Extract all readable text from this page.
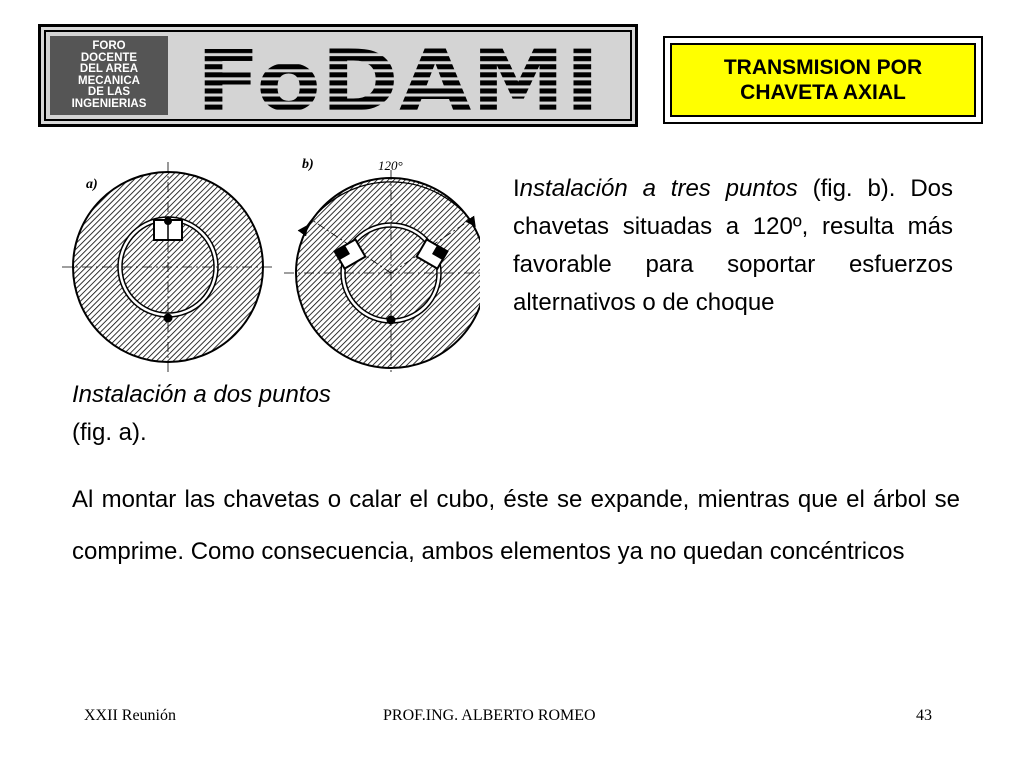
FORO
DOCENTE
DEL AREA
MECANICA
DE LAS
INGENIERIAS FoDAMI	TRANSMISION POR
CHAVETA AXIAL
a)
b)	120°
Instalación a tres puntos (fig. b). Dos chavetas situadas a 120º, resulta más favorable para soportar esfuerzos alternativos o de choque
Instalación a dos puntos (fig. a).
Al montar las chavetas o calar el cubo, éste se expande, mientras que el árbol se comprime. Como consecuencia, ambos elementos ya no quedan concéntricos
XXII Reunión	PROF.ING. ALBERTO ROMEO	43
